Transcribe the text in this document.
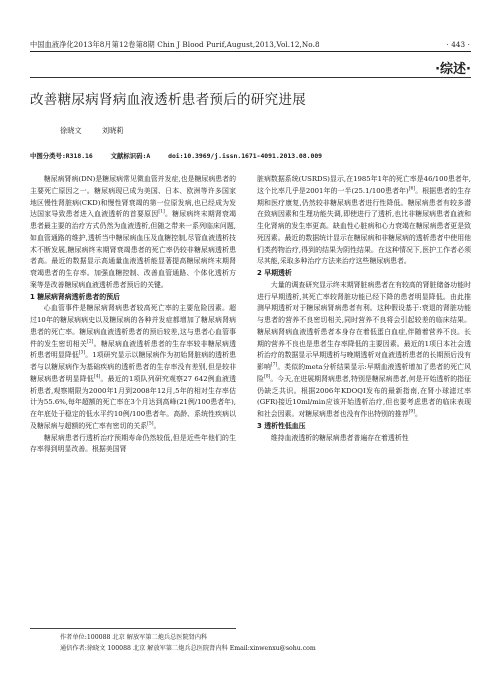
中国血液净化2013年8月第12卷第8期 Chin J Blood Purif,August,2013,Vol.12,No.8	· 443 ·
·综述·
改善糖尿病肾病血液透析患者预后的研究进展
徐晓文	刘晓莉
中图分类号:R318.16	文献标识码:A	doi:10.3969/j.issn.1671-4091.2013.08.009

糖尿病肾病(DN)是糖尿病常见微血管并发症,也是糖尿病患者的主要死亡原因之一。糖尿病现已成为美国、日本、欧洲等许多国家地区慢性肾脏病(CKD)和慢性肾衰竭的第一位原发病,也已经成为发达国家导致患者进入血液透析的首要原因[1]。糖尿病终末期肾衰竭患者最主要的治疗方式仍然为血液透析,但随之带来一系列临床问题,如血管通路的维护,透析当中糖尿病血压及血糖控制,尽管血液透析技术不断发展,糖尿病终末期肾衰竭患者的死亡率仍较非糖尿病透析患者高。最近的数据显示高通量血液透析能显著提高糖尿病终末期肾衰竭患者的生存率。加强血糖控制、改善血管通路、个体化透析方案等是改善糖尿病血液透析患者预后的关键。

1 糖尿病肾病透析患者的预后

心血管事件是糖尿病肾病患者较高死亡率的主要危险因素。超过10年的糖尿病病史以及糖尿病的各种并发症都增加了糖尿病肾病患者的死亡率。糖尿病血液透析患者的预后较差,这与患者心血管事件的发生密切相关[2]。糖尿病血液透析患者的生存率较非糖尿病透析患者明显降低[3]。1项研究显示以糖尿病作为初始肾脏病的透析患者与以糖尿病作为基础疾病的透析患者的生存率没有差别,但是较非糖尿病患者明显降低[4]。最近的1项队列研究观察27 642例血液透析患者,观察期限为2000年1月到2008年12月,5年的相对生存率估计为55.6%,每年超额的死亡率在3个月达到高峰(21例/100患者年),在年底处于稳定的低水平约10例/100患者年。高龄、系统性疾病以及糖尿病与超额的死亡率有密切的关系[5]。

糖尿病患者行透析治疗预期寿命仍然较低,但是近些年他们的生存率得到明显改善。根据美国肾

脏病数据系统(USRDS)显示,在1985年1年的死亡率是46/100患者年,这个比率几乎是2001年的一半(25.1/100患者年)[6]。根据患者的生存期和医疗康复,仍然较非糖尿病患者进行性降低。糖尿病患者有较多潜在致病因素和生理功能失调,即使进行了透析,也比非糖尿病患者血液和生化肾病的发生率更高。缺血性心脏病和心力衰竭在糖尿病患者更是致死因素。最近的数据统计显示在糖尿病和非糖尿病的透析患者中使用他们类药物治疗,得到的结果为阴性结果。在这种情况下,医护工作者必须尽其能,采取多种治疗方法来治疗这些糖尿病患者。

2 早期透析

大量的调查研究显示终末期肾脏病患者在有较高的肾脏储备功能时进行早期透析,其死亡率较肾脏功能已经下降的患者明显降低。由此推测早期透析对于糖尿病肾病患者有利。这种假设基于:衰退的肾脏功能与患者的营养不良密切相关,同时营养不良将会引起较差的临床结果。糖尿病肾病血液透析患者本身存在着低蛋白血症,伴随着营养不良。长期的营养不良也是患者生存率降低的主要因素。最近的1项日本社会透析治疗的数据显示早期透析与晚期透析对血液透析患者的长期预后没有影响[7]。类似的meta分析结果显示:早期血液透析增加了患者的死亡风险[8]。今天,在进展期肾病患者,特别是糖尿病患者,何是开始透析的指征仍缺乏共识。根据2006年KDOQI发布的最新指南,在肾小球滤过率(GFR)接近10ml/min应该开始透析治疗,但也要考虑患者的临床表现和社会因素。对糖尿病患者也没有作出特别的推荐[9]。

3 透析性低血压

维持血液透析的糖尿病患者普遍存在着透析性

作者单位:100088 北京 解放军第二炮兵总医院肾内科
通信作者:徐晓文 100088 北京 解放军第二炮兵总医院肾内科 Email:xinwenxu@sohu.com
